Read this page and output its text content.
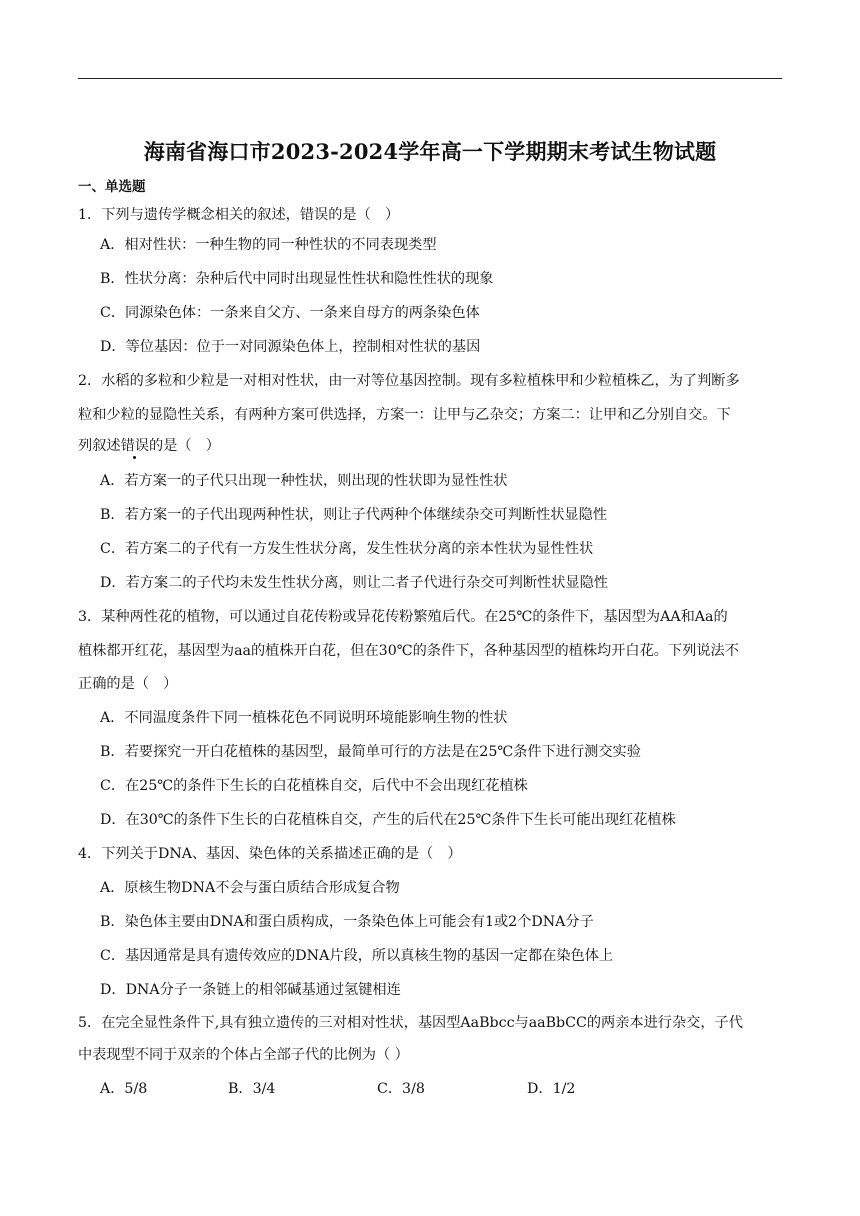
海南省海口市2023-2024学年高一下学期期末考试生物试题
一、单选题
1．下列与遗传学概念相关的叙述，错误的是（　）
A．相对性状：一种生物的同一种性状的不同表现类型
B．性状分离：杂种后代中同时出现显性性状和隐性性状的现象
C．同源染色体：一条来自父方、一条来自母方的两条染色体
D．等位基因：位于一对同源染色体上，控制相对性状的基因
2．水稻的多粒和少粒是一对相对性状，由一对等位基因控制。现有多粒植株甲和少粒植株乙，为了判断多
粒和少粒的显隐性关系，有两种方案可供选择，方案一：让甲与乙杂交；方案二：让甲和乙分别自交。下
列叙述错误的是（　）
A．若方案一的子代只出现一种性状，则出现的性状即为显性性状
B．若方案一的子代出现两种性状，则让子代两种个体继续杂交可判断性状显隐性
C．若方案二的子代有一方发生性状分离，发生性状分离的亲本性状为显性性状
D．若方案二的子代均未发生性状分离，则让二者子代进行杂交可判断性状显隐性
3．某种两性花的植物，可以通过自花传粉或异花传粉繁殖后代。在25℃的条件下，基因型为AA和Aa的
植株都开红花，基因型为aa的植株开白花，但在30℃的条件下，各种基因型的植株均开白花。下列说法不
正确的是（　）
A．不同温度条件下同一植株花色不同说明环境能影响生物的性状
B．若要探究一开白花植株的基因型，最简单可行的方法是在25℃条件下进行测交实验
C．在25℃的条件下生长的白花植株自交，后代中不会出现红花植株
D．在30℃的条件下生长的白花植株自交，产生的后代在25℃条件下生长可能出现红花植株
4．下列关于DNA、基因、染色体的关系描述正确的是（　）
A．原核生物DNA不会与蛋白质结合形成复合物
B．染色体主要由DNA和蛋白质构成，一条染色体上可能会有1或2个DNA分子
C．基因通常是具有遗传效应的DNA片段，所以真核生物的基因一定都在染色体上
D．DNA分子一条链上的相邻碱基通过氢键相连
5．在完全显性条件下,具有独立遗传的三对相对性状，基因型AaBbcc与aaBbCC的两亲本进行杂交，子代
中表现型不同于双亲的个体占全部子代的比例为（ ）
A．5/8	B．3/4	C．3/8	D．1/2
